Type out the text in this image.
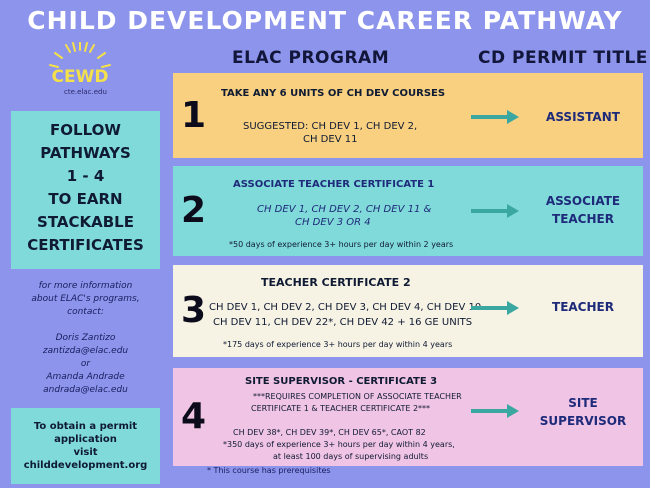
CHILD DEVELOPMENT CAREER PATHWAY
ELAC PROGRAM	CD PERMIT TITLE
CEWD
cte.elac.edu
FOLLOW
PATHWAYS
1 - 4
TO EARN
STACKABLE
CERTIFICATES
for more information
about ELAC's programs,
contact:
Doris Zantizo
zantizda@elac.edu
or
Amanda Andrade
andrada@elac.edu
To obtain a permit
application
visit
childdevelopment.org
1
TAKE ANY 6 UNITS OF CH DEV COURSES
SUGGESTED: CH DEV 1, CH DEV 2,
CH DEV 11
ASSISTANT
2
ASSOCIATE TEACHER CERTIFICATE 1
CH DEV 1, CH DEV 2, CH DEV 11 &
CH DEV 3 OR 4
*50 days of experience 3+ hours per day within 2 years
ASSOCIATE
TEACHER
3
TEACHER CERTIFICATE 2
CH DEV 1, CH DEV 2, CH DEV 3, CH DEV 4, CH DEV 10
CH DEV 11, CH DEV 22*, CH DEV 42 + 16 GE UNITS
*175 days of experience 3+ hours per day within 4 years
TEACHER
4
SITE SUPERVISOR - CERTIFICATE 3
***REQUIRES COMPLETION OF ASSOCIATE TEACHER
CERTIFICATE 1 & TEACHER CERTIFICATE 2***
CH DEV 38*, CH DEV 39*, CH DEV 65*, CAOT 82
*350 days of experience 3+ hours per day within 4 years,
at least 100 days of supervising adults
SITE
SUPERVISOR
* This course has prerequisites
